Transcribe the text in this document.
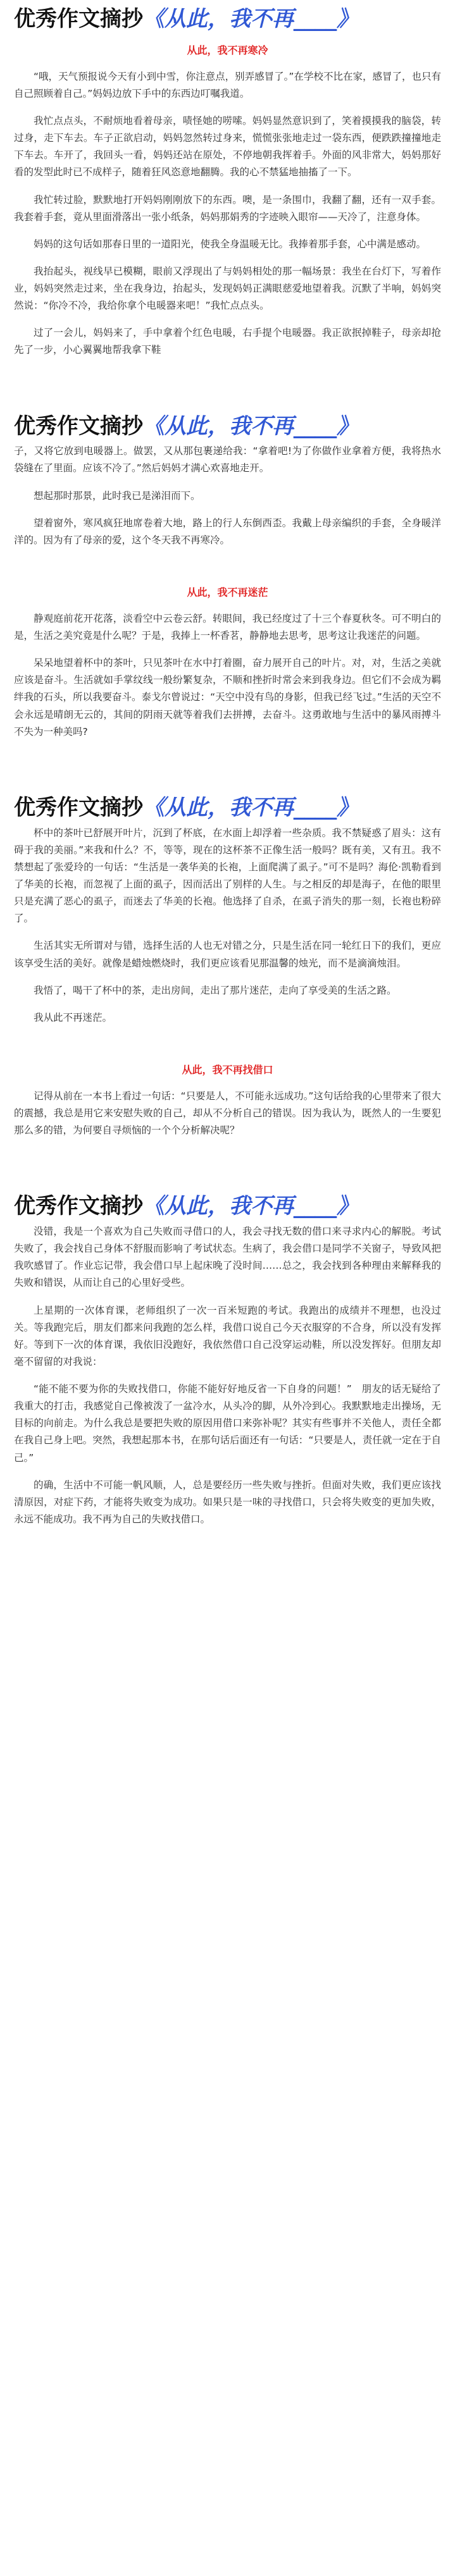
优秀作文摘抄《从此，我不再____》
从此，我不再寒冷

“哦，天气预报说今天有小到中雪，你注意点，别弄感冒了。”在学校不比在家，感冒了，也只有自己照顾着自己。”妈妈边放下手中的东西边叮嘱我道。

我忙点点头，不耐烦地看着母亲，啧怪她的唠嗦。妈妈显然意识到了，笑着摸摸我的脑袋，转过身，走下车去。车子正欲启动，妈妈忽然转过身来，慌慌张张地走过一袋东西，便跌跌撞撞地走下车去。车开了，我回头一看，妈妈还站在原处，不停地朝我挥着手。外面的风非常大，妈妈那好看的发型此时已不成样子，随着狂风恣意地翻腾。我的心不禁猛地抽搐了一下。

我忙转过脸，默默地打开妈妈刚刚放下的东西。噢，是一条围巾，我翻了翻，还有一双手套。我套着手套，竟从里面滑落出一张小纸条，妈妈那娟秀的字迹映入眼帘——天冷了，注意身体。

妈妈的这句话如那春日里的一道阳光，使我全身温暖无比。我捧着那手套，心中满是感动。

我抬起头，视线早已模糊，眼前又浮现出了与妈妈相处的那一幅场景：我坐在台灯下，写着作业，妈妈突然走过来，坐在我身边，抬起头，发现妈妈正满眼慈爱地望着我。沉默了半响，妈妈突然说：“你冷不冷，我给你拿个电暖器来吧！”我忙点点头。

过了一会儿，妈妈来了，手中拿着个红色电暖，右手提个电暖器。我正欲抿掉鞋子，母亲却抢先了一步，小心翼翼地帮我拿下鞋

优秀作文摘抄《从此，我不再____》

子，又将它放到电暖器上。做罢，又从那包裹递给我：“拿着吧!为了你做作业拿着方便，我将热水袋缝在了里面。应该不冷了。”然后妈妈才满心欢喜地走开。

想起那时那景，此时我已是涕泪而下。

望着窗外，寒风疯狂地席卷着大地，路上的行人东倒西歪。我戴上母亲编织的手套，全身暖洋洋的。因为有了母亲的爱，这个冬天我不再寒冷。

从此，我不再迷茫

静观庭前花开花落，淡看空中云卷云舒。转眼间，我已经度过了十三个春夏秋冬。可不明白的是，生活之美究竟是什么呢？于是，我捧上一杯香茗，静静地去思考，思考这让我迷茫的问题。

呆呆地望着杯中的茶叶，只见茶叶在水中打着圈，奋力展开自己的叶片。对，对，生活之美就应该是奋斗。生活就如手掌纹线一般纷繁复杂，不顺和挫折时常会来到我身边。但它们不会成为羁绊我的石头，所以我要奋斗。泰戈尔曾说过：“天空中没有鸟的身影，但我已经飞过。”生活的天空不会永远是晴朗无云的，其间的阴雨天就等着我们去拼搏，去奋斗。这勇敢地与生活中的暴风雨搏斗不失为一种美吗?

优秀作文摘抄《从此，我不再____》

杯中的茶叶已舒展开叶片，沉到了杯底，在水面上却浮着一些杂质。我不禁疑惑了眉头：这有碍于我的美丽。”来我和什么？不，等等，现在的这杯茶不正像生活一般吗？既有美，又有丑。我不禁想起了张爱玲的一句话：“生活是一袭华美的长袍，上面爬满了虱子。”可不是吗？海伦·凯勒看到了华美的长袍，而忽视了上面的虱子，因而活出了别样的人生。与之相反的却是海子，在他的眼里只是充满了恶心的虱子，而迷去了华美的长袍。他选择了自杀，在虱子消失的那一刻，长袍也粉碎了。

生活其实无所谓对与错，选择生活的人也无对错之分，只是生活在同一轮红日下的我们，更应该享受生活的美好。就像是蜡烛燃烧时，我们更应该看见那温馨的烛光，而不是滴滴烛泪。

我悟了，喝干了杯中的茶，走出房间，走出了那片迷茫，走向了享受美的生活之路。

我从此不再迷茫。

从此，我不再找借口

记得从前在一本书上看过一句话：“只要是人，不可能永远成功。”这句话给我的心里带来了很大的震撼，我总是用它来安慰失败的自己，却从不分析自己的错误。因为我认为，既然人的一生要犯那么多的错，为何要自寻烦恼的一个个分析解决呢？

优秀作文摘抄《从此，我不再____》

没错，我是一个喜欢为自己失败而寻借口的人，我会寻找无数的借口来寻求内心的解脱。考试失败了，我会找自己身体不舒服而影响了考试状态。生病了，我会借口是同学不关窗子，导致风把我吹感冒了。作业忘记带，我会借口早上起床晚了没时间……总之，我会找到各种理由来解释我的失败和错误，从而让自己的心里好受些。

上星期的一次体育课，老师组织了一次一百米短跑的考试。我跑出的成绩并不理想，也没过关。等我跑完后，朋友们都来问我跑的怎么样，我借口说自己今天衣服穿的不合身，所以没有发挥好。等到下一次的体育课，我依旧没跑好，我依然借口自己没穿运动鞋，所以没发挥好。但朋友却毫不留留的对我说：

“能不能不要为你的失败找借口，你能不能好好地反省一下自身的问题！”　朋友的话无疑给了我重大的打击，我感觉自己像被泼了一盆冷水，从头冷的脚，从外冷到心。我默默地走出操场，无目标的向前走。为什么我总是要把失败的原因用借口来弥补呢？其实有些事并不关他人，责任全都在我自己身上吧。突然，我想起那本书，在那句话后面还有一句话：“只要是人，责任就一定在于自己。”

的确，生活中不可能一帆风顺，人，总是要经历一些失败与挫折。但面对失败，我们更应该找清原因，对症下药，才能将失败变为成功。如果只是一味的寻找借口，只会将失败变的更加失败，永远不能成功。我不再为自己的失败找借口。
